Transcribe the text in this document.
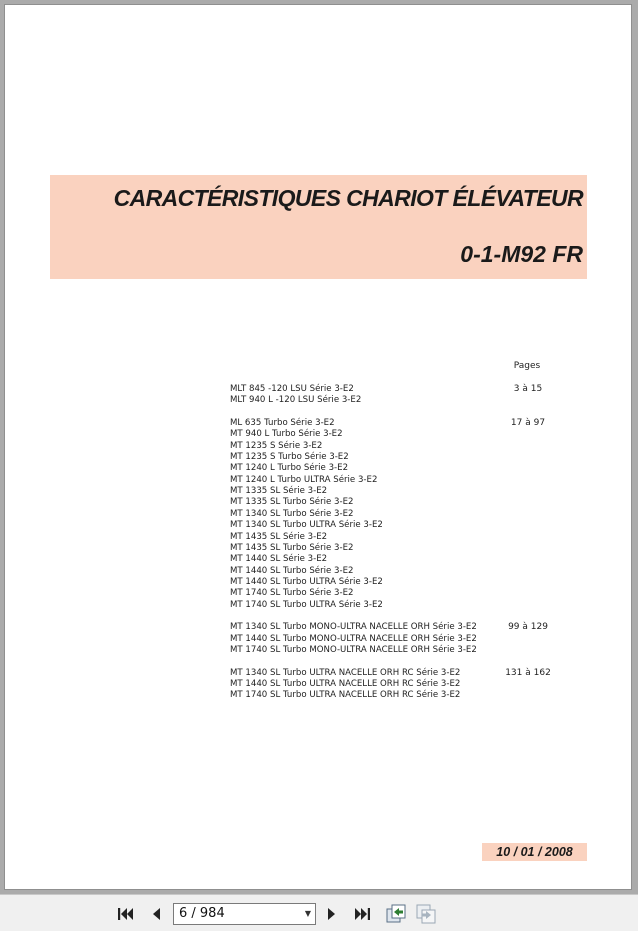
CARACTÉRISTIQUES CHARIOT ÉLÉVATEUR
0-1-M92 FR
Pages
MLT 845 -120 LSU Série 3-E2
MLT 940 L -120 LSU Série 3-E2
3 à 15
ML 635 Turbo Série 3-E2
MT 940 L Turbo Série 3-E2
MT 1235 S Série 3-E2
MT 1235 S Turbo Série 3-E2
MT 1240 L Turbo Série 3-E2
MT 1240 L Turbo ULTRA Série 3-E2
MT 1335 SL Série 3-E2
MT 1335 SL Turbo Série 3-E2
MT 1340 SL Turbo Série 3-E2
MT 1340 SL Turbo ULTRA Série 3-E2
MT 1435 SL Série 3-E2
MT 1435 SL Turbo Série 3-E2
MT 1440 SL Série 3-E2
MT 1440 SL Turbo Série 3-E2
MT 1440 SL Turbo ULTRA Série 3-E2
MT 1740 SL Turbo Série 3-E2
MT 1740 SL Turbo ULTRA Série 3-E2
17 à 97
MT 1340 SL Turbo MONO-ULTRA NACELLE ORH Série 3-E2
MT 1440 SL Turbo MONO-ULTRA NACELLE ORH Série 3-E2
MT 1740 SL Turbo MONO-ULTRA NACELLE ORH Série 3-E2
99 à 129
MT 1340 SL Turbo ULTRA NACELLE ORH RC Série 3-E2
MT 1440 SL Turbo ULTRA NACELLE ORH RC Série 3-E2
MT 1740 SL Turbo ULTRA NACELLE ORH RC Série 3-E2
131 à 162
10 / 01 / 2008
6 / 984	▼
